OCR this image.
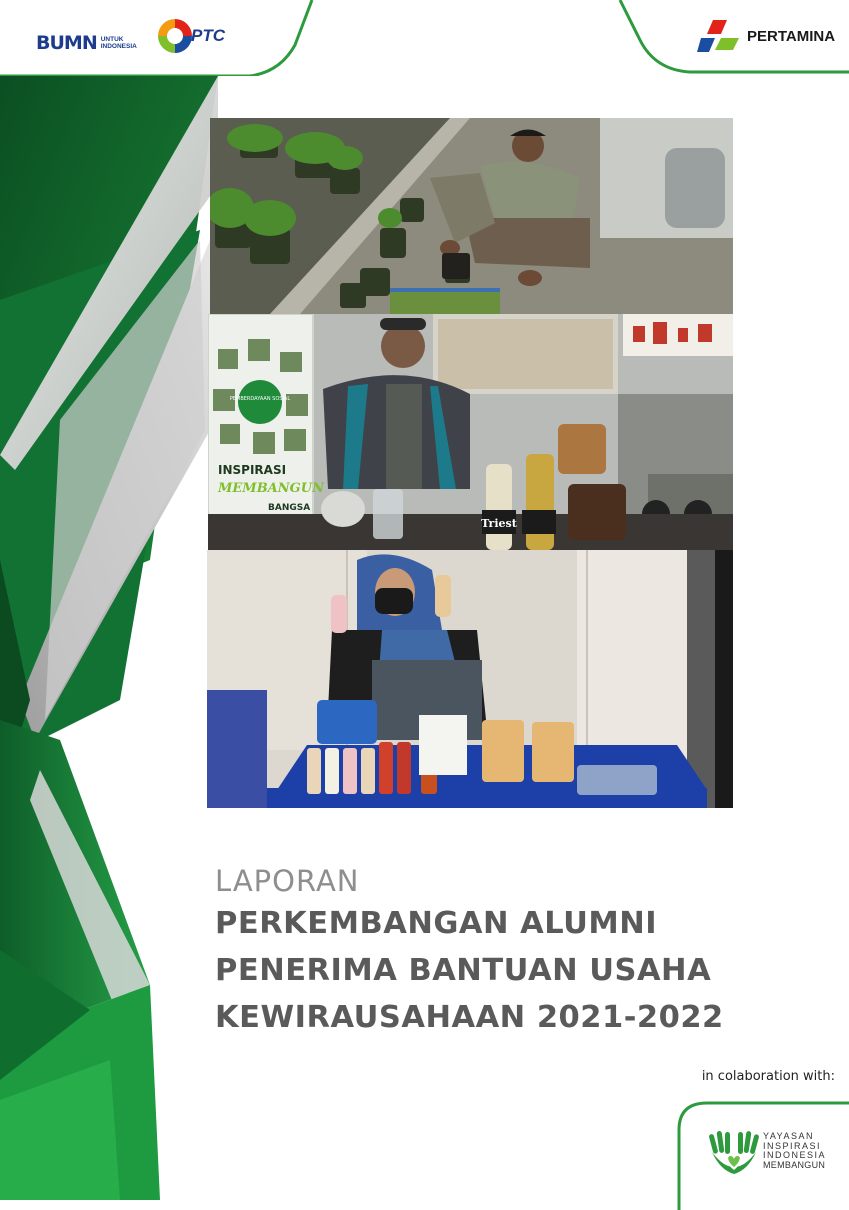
BUMN UNTUK
INDONESIA
PTC	PERTAMINA
PEMBERDAYAAN SOSIAL
INSPIRASI
MEMBANGUN
BANGSA
Triest
LAPORAN
PERKEMBANGAN ALUMNI
PENERIMA BANTUAN USAHA
KEWIRAUSAHAAN 2021-2022
in colaboration with:
YAYASAN
INSPIRASI
INDONESIA
MEMBANGUN
